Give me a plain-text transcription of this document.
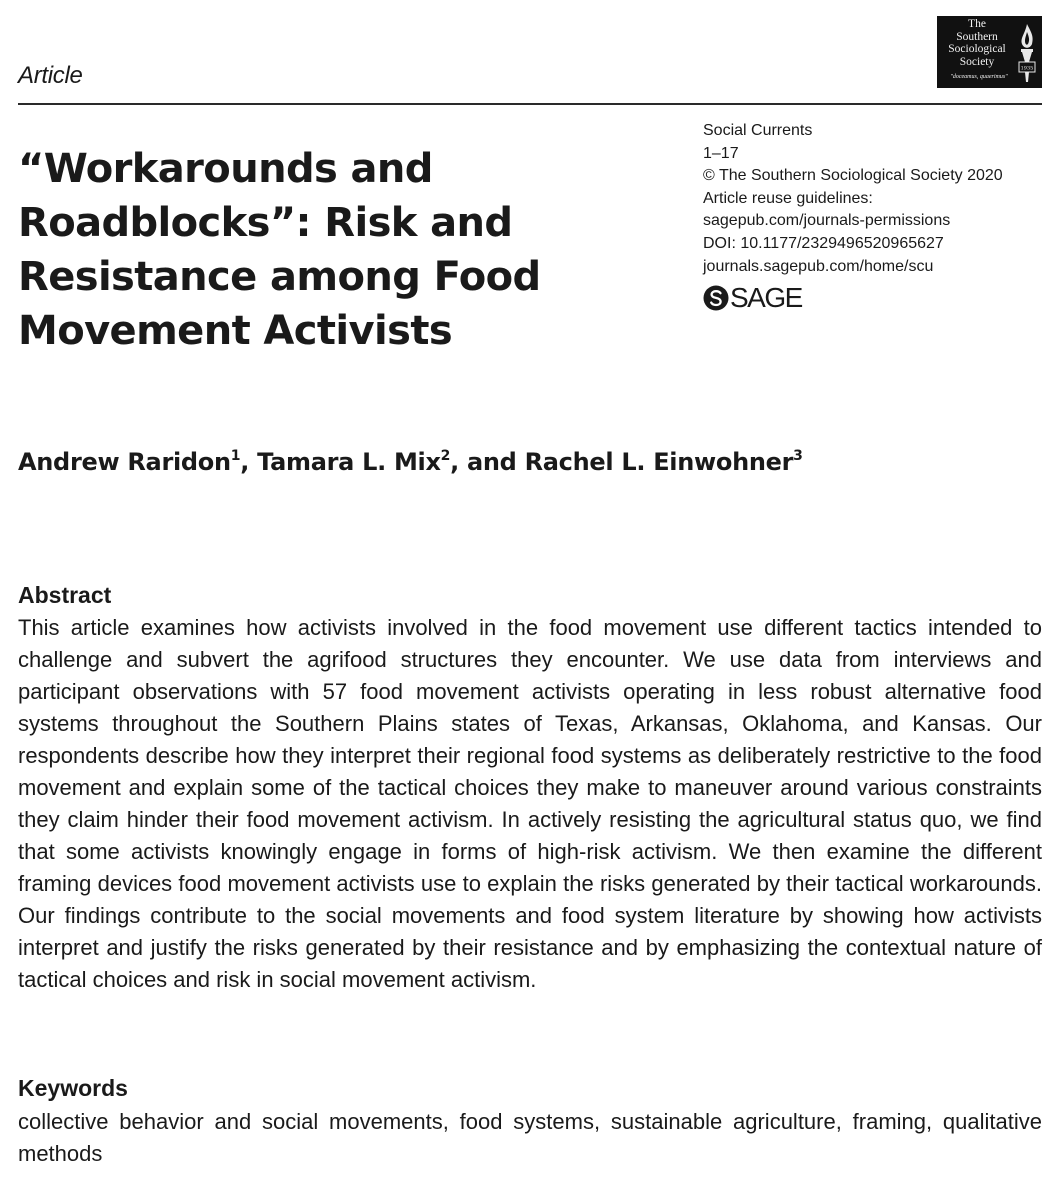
Article
The
Southern
Sociological
Society
"doceamus, quaerimus"
1935
“Workarounds and Roadblocks”: Risk and Resistance among Food Movement Activists
Social Currents
1–17
© The Southern Sociological Society 2020
Article reuse guidelines:
sagepub.com/journals-permissions
DOI: 10.1177/2329496520965627
journals.sagepub.com/home/scu
SAGE
Andrew Raridon$^1$, Tamara L. Mix$^2$, and Rachel L. Einwohner$^3$
Abstract

This article examines how activists involved in the food movement use different tactics intended to challenge and subvert the agrifood structures they encounter. We use data from interviews and participant observations with 57 food movement activists operating in less robust alternative food systems throughout the Southern Plains states of Texas, Arkansas, Oklahoma, and Kansas. Our respondents describe how they interpret their regional food systems as deliberately restrictive to the food movement and explain some of the tactical choices they make to maneuver around various constraints they claim hinder their food movement activism. In actively resisting the agricultural status quo, we find that some activists knowingly engage in forms of high-risk activism. We then examine the different framing devices food movement activists use to explain the risks generated by their tactical workarounds. Our findings contribute to the social movements and food system literature by showing how activists interpret and justify the risks generated by their resistance and by emphasizing the contextual nature of tactical choices and risk in social movement activism.

Keywords

collective behavior and social movements, food systems, sustainable agriculture, framing, qualitative methods
